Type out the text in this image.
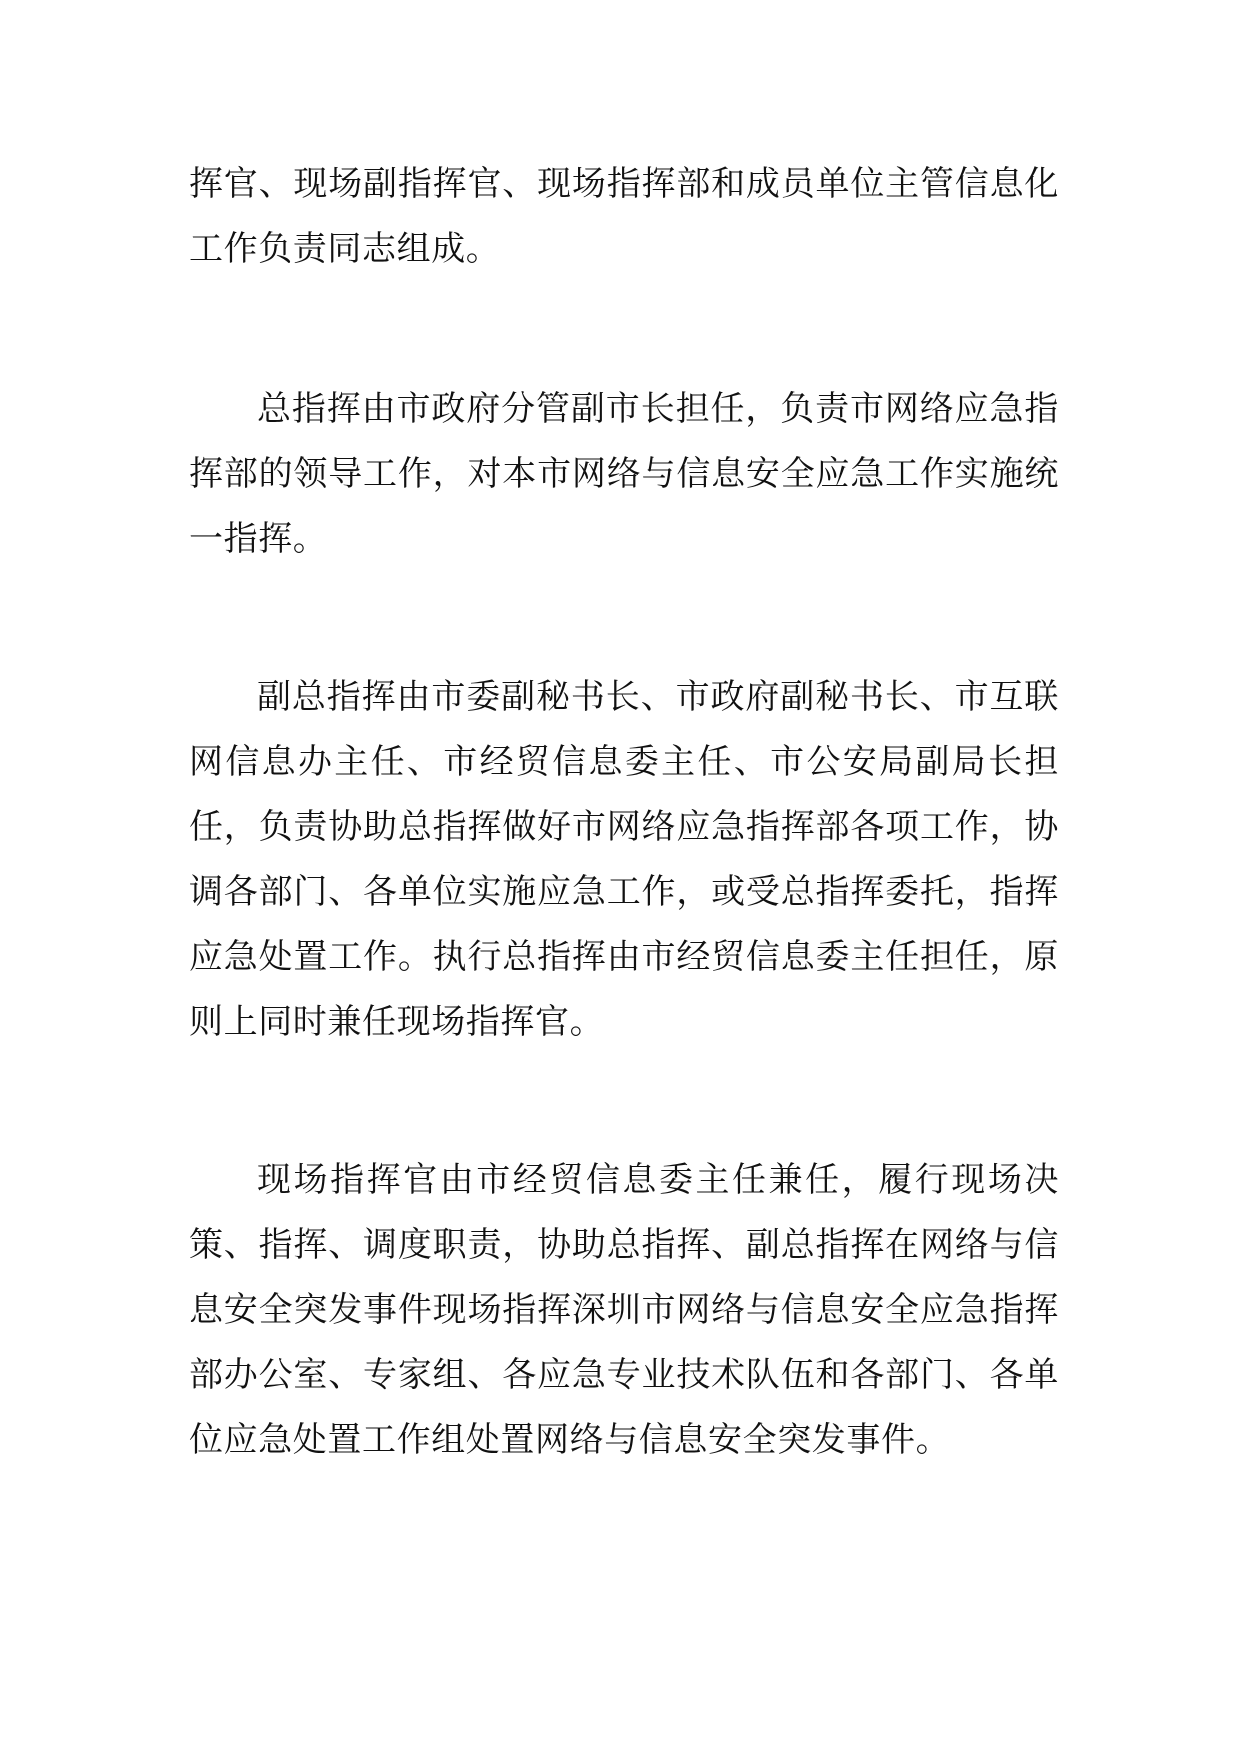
挥官、现场副指挥官、现场指挥部和成员单位主管信息化工作负责同志组成。

总指挥由市政府分管副市长担任，负责市网络应急指挥部的领导工作，对本市网络与信息安全应急工作实施统一指挥。

副总指挥由市委副秘书长、市政府副秘书长、市互联网信息办主任、市经贸信息委主任、市公安局副局长担任，负责协助总指挥做好市网络应急指挥部各项工作，协调各部门、各单位实施应急工作，或受总指挥委托，指挥应急处置工作。执行总指挥由市经贸信息委主任担任，原则上同时兼任现场指挥官。

现场指挥官由市经贸信息委主任兼任，履行现场决策、指挥、调度职责，协助总指挥、副总指挥在网络与信息安全突发事件现场指挥深圳市网络与信息安全应急指挥部办公室、专家组、各应急专业技术队伍和各部门、各单位应急处置工作组处置网络与信息安全突发事件。
